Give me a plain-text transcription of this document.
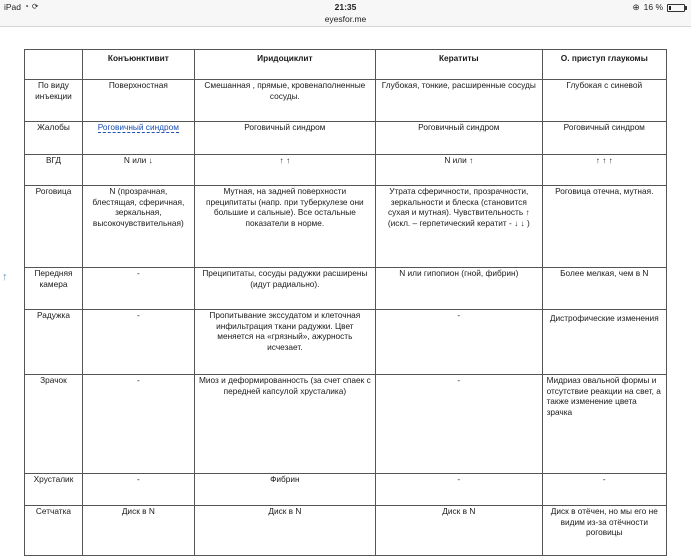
iPad ◔ ⟳	21:35	⊕ 16 %
eyesfor.me
↑
	Конъюнктивит	Иридоциклит	Кератиты	О. приступ глаукомы
По виду инъекции	Поверхностная	Смешанная , прямые, кровенаполненные сосуды.	Глубокая, тонкие, расширенные сосуды	Глубокая с синевой
Жалобы	Роговичный синдром	Роговичный синдром	Роговичный синдром	Роговичный синдром
ВГД	N или ↓	↑ ↑	N или ↑	↑ ↑ ↑
Роговица	N (прозрачная, блестящая, сферичная, зеркальная, высокочувствительная)	Мутная, на задней поверхности преципитаты (напр. при туберкулезе они большие и сальные). Все остальные показатели в норме.	Утрата сферичности, прозрачности, зеркальности и блеска (становится сухая и мутная). Чувствительность ↑ (искл. – герпетический кератит - ↓ ↓ )	Роговица отечна, мутная.
Передняя камера	-	Преципитаты, сосуды радужки расширены (идут радиально).	N или гипопион (гной, фибрин)	Более мелкая, чем в N
Радужка	-	Пропитывание экссудатом и клеточная инфильтрация ткани радужки. Цвет меняется на «грязный», ажурность исчезает.	-	Дистрофические изменения
Зрачок	-	Миоз и деформированность (за счет спаек с передней капсулой хрусталика)	-	Мидриаз овальной формы и отсутствие реакции на свет, а также изменение цвета зрачка
Хрусталик	-	Фибрин	-	-
Сетчатка	Диск в N	Диск в N	Диск в N	Диск в отёчен, но мы его не видим из-за отёчности роговицы
